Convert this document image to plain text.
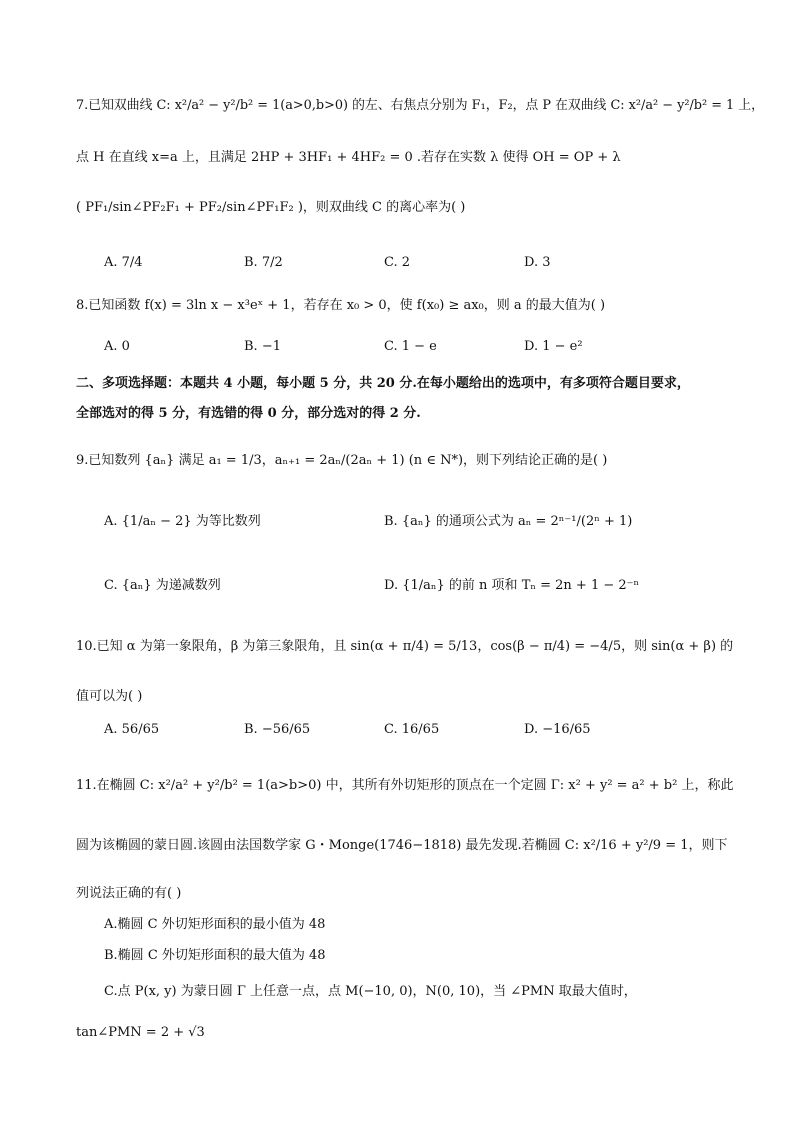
7.已知双曲线 C: x²/a² − y²/b² = 1(a>0,b>0) 的左、右焦点分别为 F₁，F₂，点 P 在双曲线 C: x²/a² − y²/b² = 1 上，
点 H 在直线 x=a 上，且满足 2HP + 3HF₁ + 4HF₂ = 0 .若存在实数 λ 使得 OH = OP + λ
( PF₁/sin∠PF₂F₁ + PF₂/sin∠PF₁F₂ )，则双曲线 C 的离心率为( )
A. 7/4	B. 7/2	C. 2	D. 3
8.已知函数 f(x) = 3ln x − x³eˣ + 1，若存在 x₀ > 0，使 f(x₀) ≥ ax₀，则 a 的最大值为( )
A. 0	B. −1	C. 1 − e	D. 1 − e²
二、多项选择题：本题共 4 小题，每小题 5 分，共 20 分.在每小题给出的选项中，有多项符合题目要求，
全部选对的得 5 分，有选错的得 0 分，部分选对的得 2 分.
9.已知数列 {aₙ} 满足 a₁ = 1/3，aₙ₊₁ = 2aₙ/(2aₙ + 1) (n ∈ N*)，则下列结论正确的是( )
A. {1/aₙ − 2} 为等比数列	B. {aₙ} 的通项公式为 aₙ = 2ⁿ⁻¹/(2ⁿ + 1)
C. {aₙ} 为递减数列	D. {1/aₙ} 的前 n 项和 Tₙ = 2n + 1 − 2⁻ⁿ
10.已知 α 为第一象限角，β 为第三象限角，且 sin(α + π/4) = 5/13，cos(β − π/4) = −4/5，则 sin(α + β) 的
值可以为( )
A. 56/65	B. −56/65	C. 16/65	D. −16/65
11.在椭圆 C: x²/a² + y²/b² = 1(a>b>0) 中，其所有外切矩形的顶点在一个定圆 Γ: x² + y² = a² + b² 上，称此
圆为该椭圆的蒙日圆.该圆由法国数学家 G・Monge(1746−1818) 最先发现.若椭圆 C: x²/16 + y²/9 = 1，则下
列说法正确的有( )
A.椭圆 C 外切矩形面积的最小值为 48
B.椭圆 C 外切矩形面积的最大值为 48
C.点 P(x, y) 为蒙日圆 Γ 上任意一点，点 M(−10, 0)，N(0, 10)，当 ∠PMN 取最大值时，
tan∠PMN = 2 + √3
